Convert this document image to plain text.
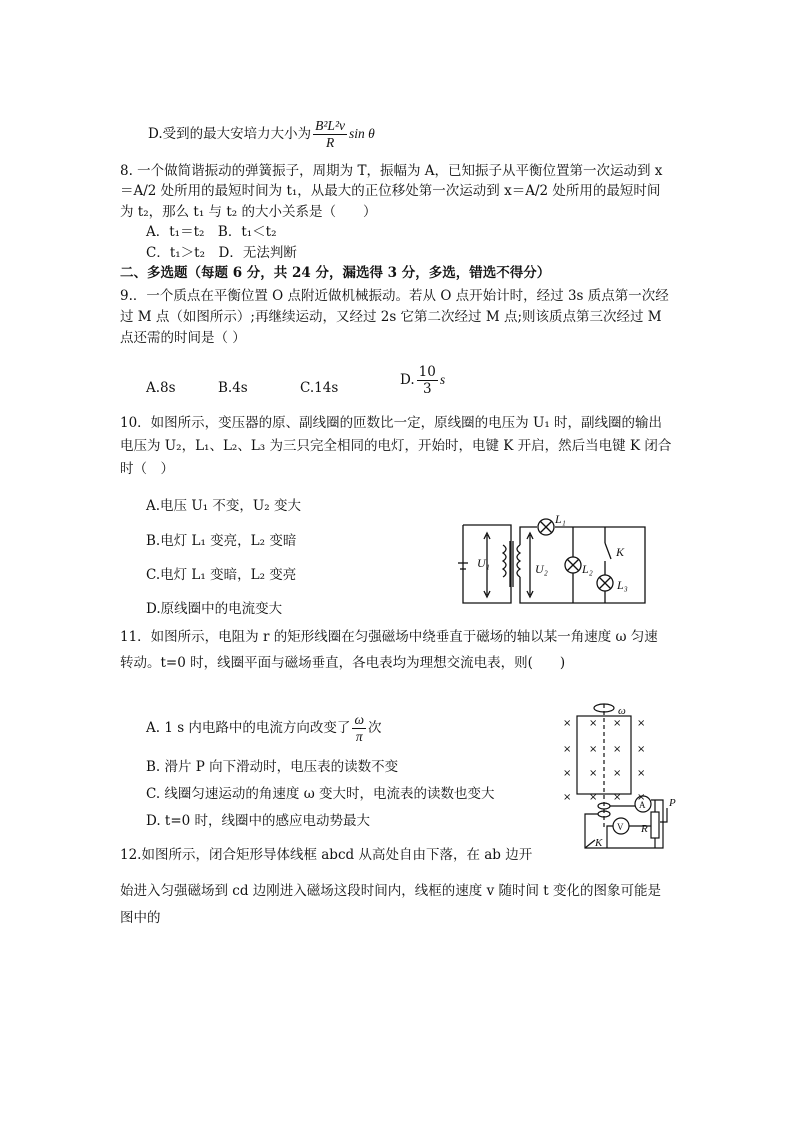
D.受到的最大安培力大小为 $\frac{\text{B²L²v}}{R}$ sin θ
8. 一个做简谐振动的弹簧振子，周期为 T，振幅为 A，已知振子从平衡位置第一次运动到 x
＝A/2 处所用的最短时间为 t₁，从最大的正位移处第一次运动到 x＝A/2 处所用的最短时间
为 t₂，那么 t₁ 与 t₂ 的大小关系是（　　）
A．t₁＝t₂　B．t₁＜t₂
C．t₁＞t₂　D．无法判断
二、多选题（每题 6 分，共 24 分，漏选得 3 分，多选，错选不得分）
9.．一个质点在平衡位置 O 点附近做机械振动。若从 O 点开始计时，经过 3s 质点第一次经
过 M 点（如图所示）;再继续运动，又经过 2s 它第二次经过 M 点;则该质点第三次经过 M
点还需的时间是（ ）
A.8s	B.4s	C.14s	D. $\frac{10}{3}$ s
10．如图所示，变压器的原、副线圈的匝数比一定，原线圈的电压为 U₁ 时，副线圈的输出
电压为 U₂，L₁、L₂、L₃ 为三只完全相同的电灯，开始时，电键 K 开启，然后当电键 K 闭合
时（　）
A.电压 U₁ 不变，U₂ 变大
B.电灯 L₁ 变亮，L₂ 变暗
C.电灯 L₁ 变暗，L₂ 变亮
D.原线圈中的电流变大
U₁	U₂
L₁
L₂
K
L₃
11．如图所示，电阻为 r 的矩形线圈在匀强磁场中绕垂直于磁场的轴以某一角速度 ω 匀速
转动。t=0 时，线圈平面与磁场垂直，各电表均为理想交流电表，则(　　)
A. 1 s 内电路中的电流方向改变了 $\frac{\omega}{\pi}$ 次
B. 滑片 P 向下滑动时，电压表的读数不变
C. 线圈匀速运动的角速度 ω 变大时，电流表的读数也变大
D. t=0 时，线圈中的感应电动势最大
× × × ×
× × × ×
× × × ×
× × × ×
ω
A
V R
P
K
12.如图所示，闭合矩形导体线框 abcd 从高处自由下落，在 ab 边开
始进入匀强磁场到 cd 边刚进入磁场这段时间内，线框的速度 v 随时间 t 变化的图象可能是
图中的
